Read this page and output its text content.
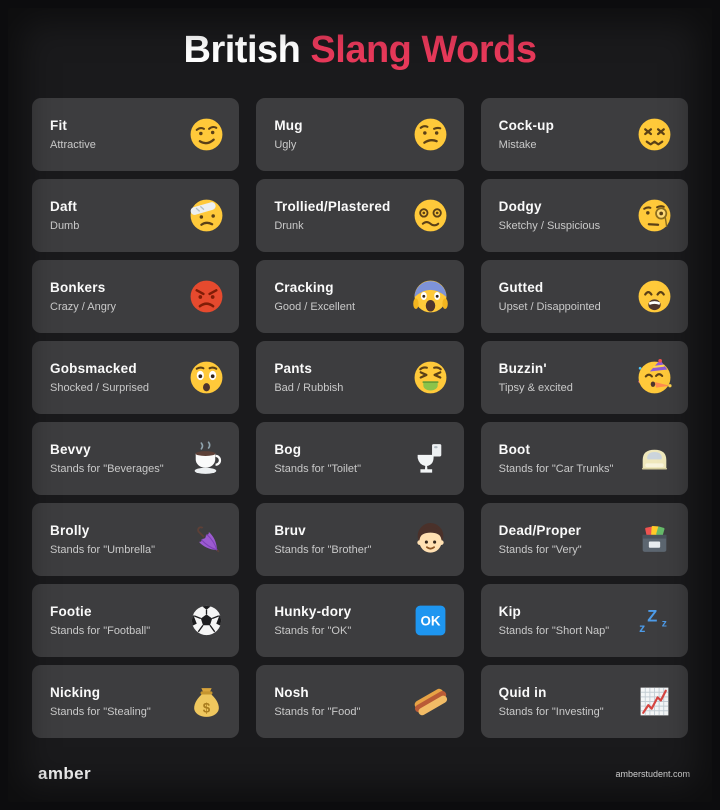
British Slang Words
Fit
Attractive
Mug
Ugly
Cock-up
Mistake
Daft
Dumb
Trollied/Plastered
Drunk
Dodgy
Sketchy / Suspicious
Bonkers
Crazy / Angry
Cracking
Good / Excellent
Gutted
Upset / Disappointed
Gobsmacked
Shocked / Surprised
Pants
Bad / Rubbish
Buzzin'
Tipsy & excited
Bevvy
Stands for "Beverages"
Bog
Stands for "Toilet"
Boot
Stands for "Car Trunks"
Brolly
Stands for "Umbrella"
Bruv
Stands for "Brother"
Dead/Proper
Stands for "Very"
Footie
Stands for "Football"
Hunky-dory
Stands for "OK"
OK
Kip
Stands for "Short Nap"	z
Z z
Nicking
Stands for "Stealing"	$
Nosh
Stands for "Food"
Quid in
Stands for "Investing"
amber	amberstudent.com
